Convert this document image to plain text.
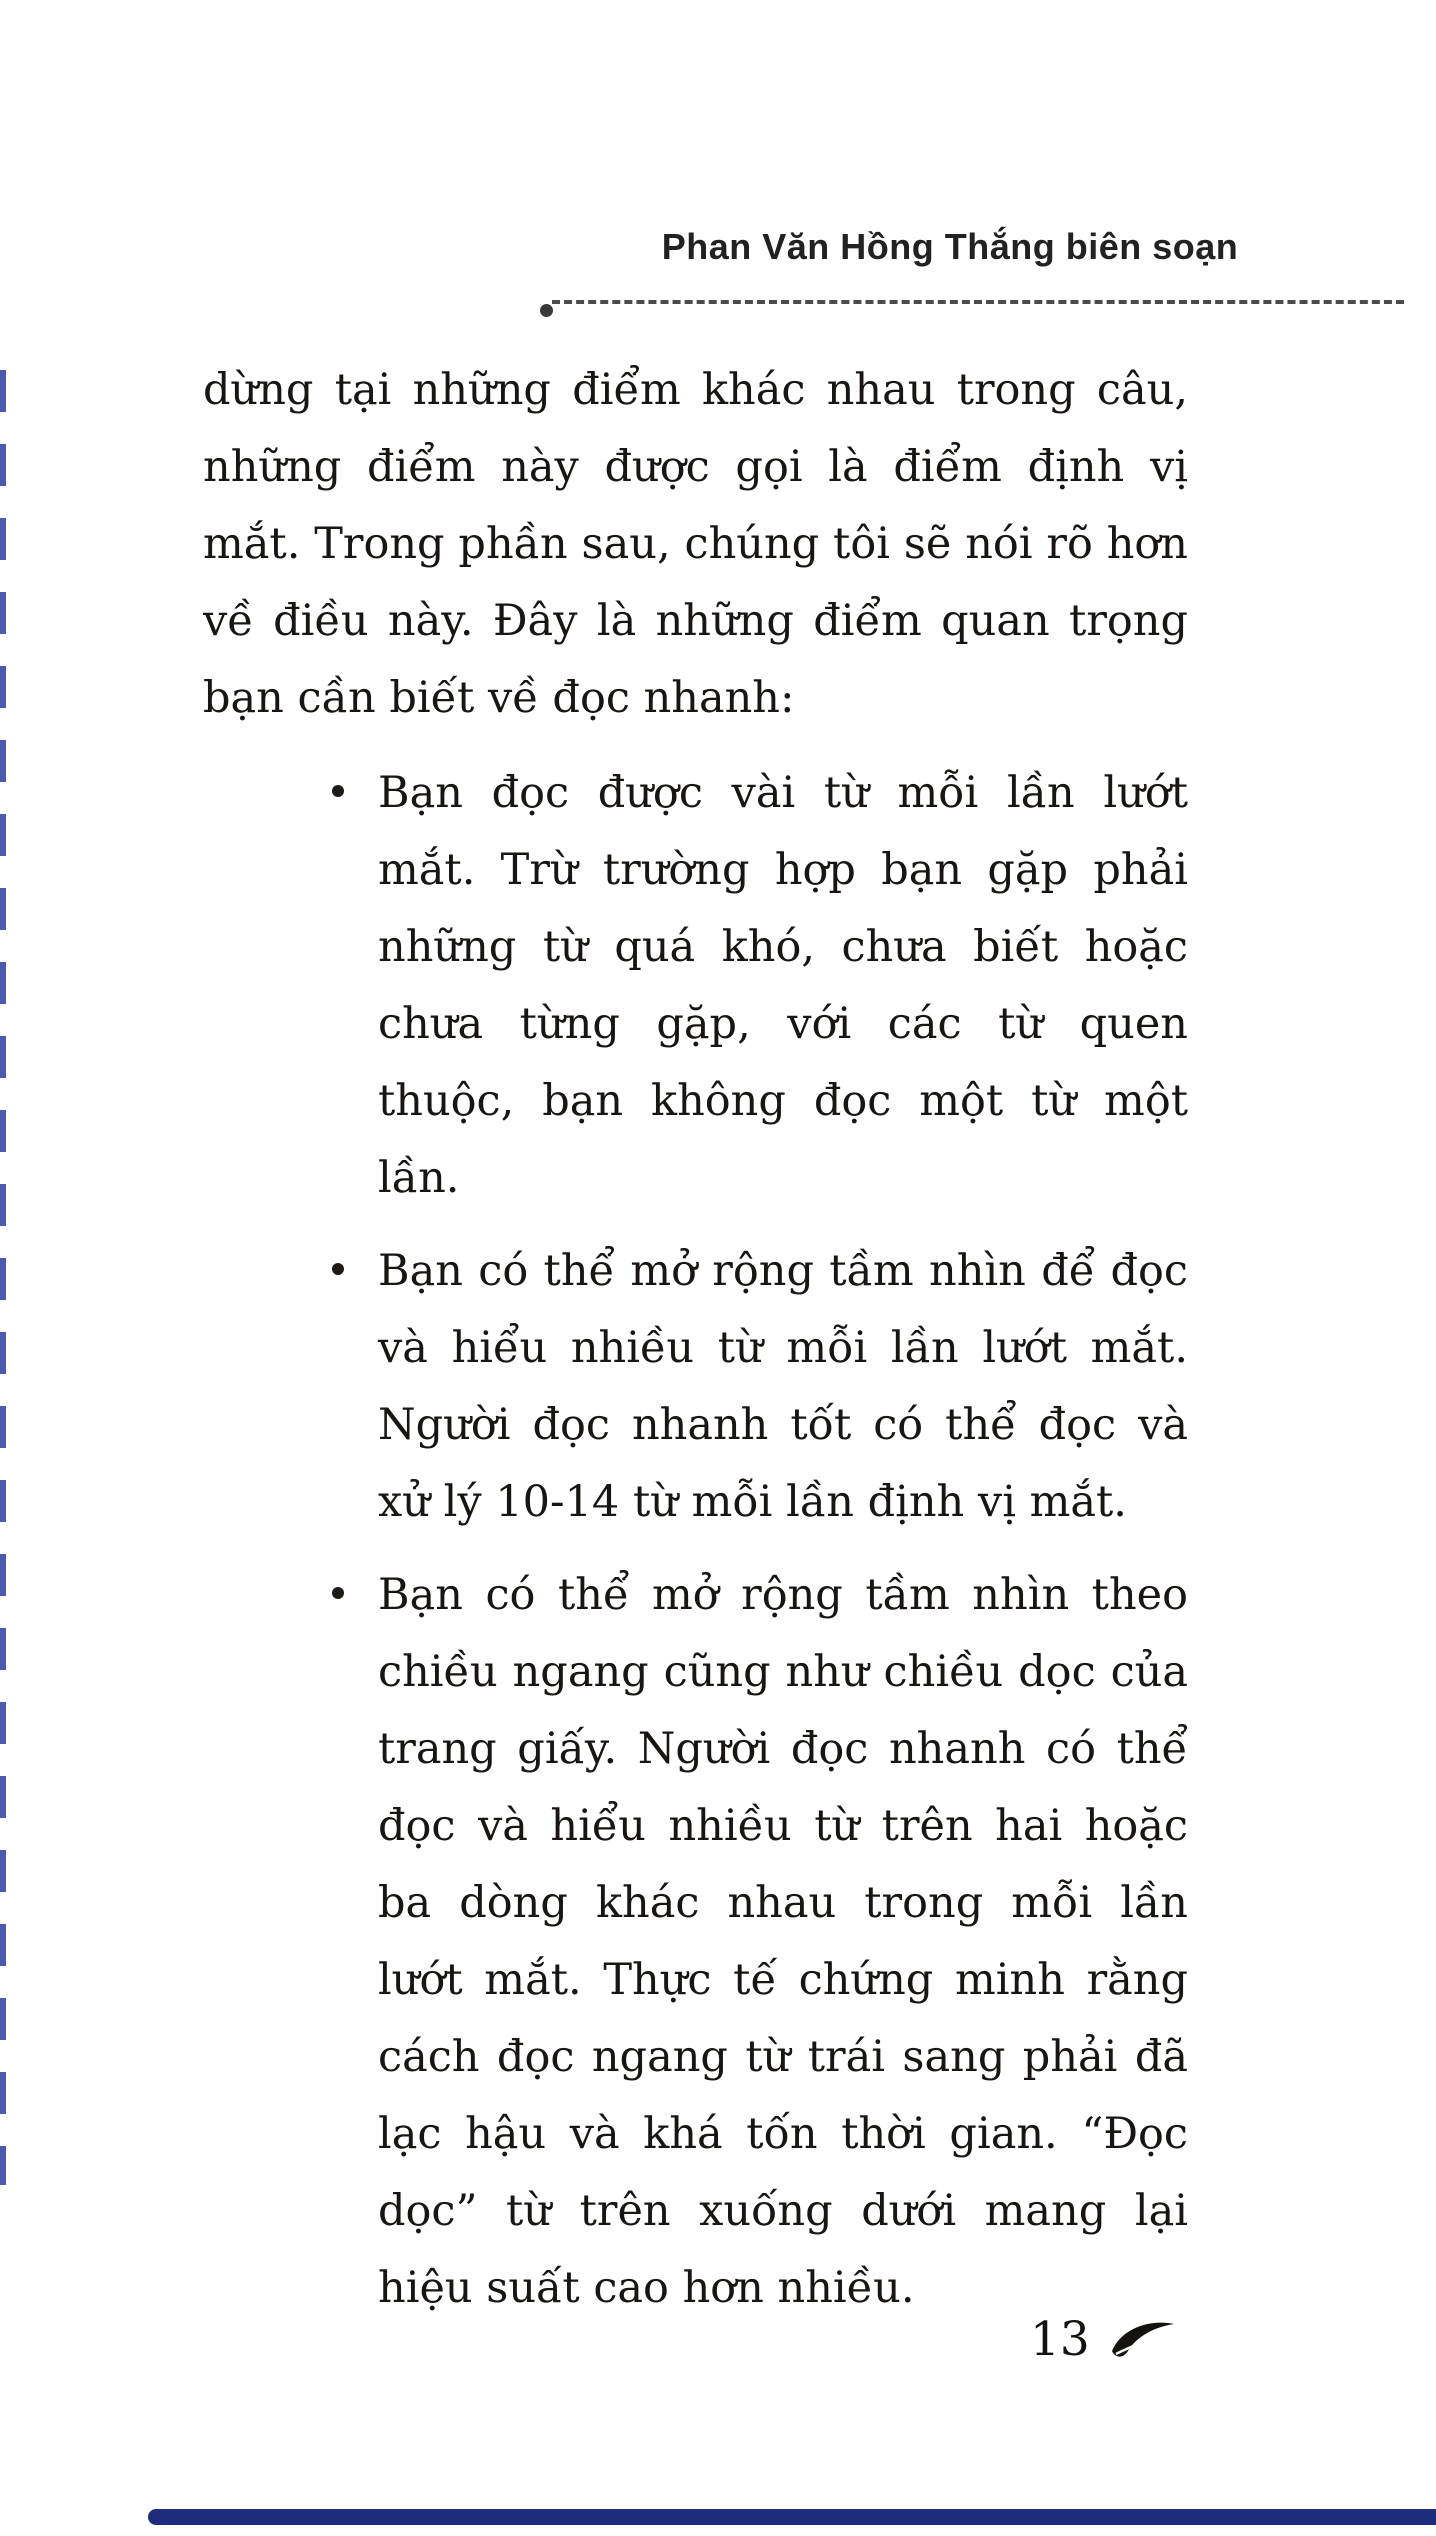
Phan Văn Hồng Thắng biên soạn

dừng tại những điểm khác nhau trong câu, những điểm này được gọi là điểm định vị mắt. Trong phần sau, chúng tôi sẽ nói rõ hơn về điều này. Đây là những điểm quan trọng bạn cần biết về đọc nhanh:

Bạn đọc được vài từ mỗi lần lướt mắt. Trừ trường hợp bạn gặp phải những từ quá khó, chưa biết hoặc chưa từng gặp, với các từ quen thuộc, bạn không đọc một từ một lần.
Bạn có thể mở rộng tầm nhìn để đọc và hiểu nhiều từ mỗi lần lướt mắt. Người đọc nhanh tốt có thể đọc và xử lý 10-14 từ mỗi lần định vị mắt.
Bạn có thể mở rộng tầm nhìn theo chiều ngang cũng như chiều dọc của trang giấy. Người đọc nhanh có thể đọc và hiểu nhiều từ trên hai hoặc ba dòng khác nhau trong mỗi lần lướt mắt. Thực tế chứng minh rằng cách đọc ngang từ trái sang phải đã lạc hậu và khá tốn thời gian. “Đọc dọc” từ trên xuống dưới mang lại hiệu suất cao hơn nhiều.
13
